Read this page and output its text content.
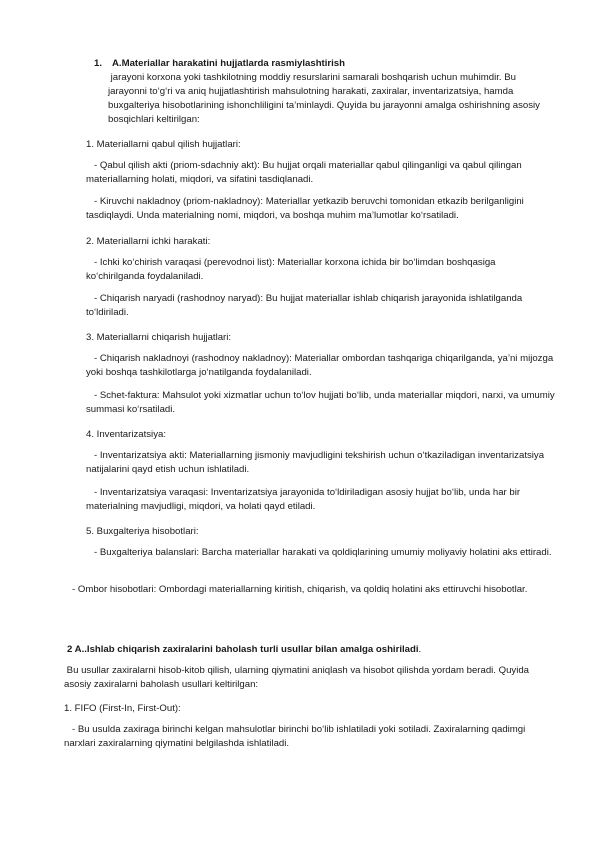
1. A.Materiallar harakatini hujjatlarda rasmiylashtirish

jarayoni korxona yoki tashkilotning moddiy resurslarini samarali boshqarish uchun muhimdir. Bu jarayonni to‘g‘ri va aniq hujjatlashtirish mahsulotning harakati, zaxiralar, inventarizatsiya, hamda buxgalteriya hisobotlarining ishonchliligini ta’minlaydi. Quyida bu jarayonni amalga oshirishning asosiy bosqichlari keltirilgan:

1. Materiallarni qabul qilish hujjatlari:

- Qabul qilish akti (priom-sdachniy akt): Bu hujjat orqali materiallar qabul qilinganligi va qabul qilingan materiallarning holati, miqdori, va sifatini tasdiqlanadi.

- Kiruvchi nakladnoy (priom-nakladnoy): Materiallar yetkazib beruvchi tomonidan etkazib berilganligini tasdiqlaydi. Unda materialning nomi, miqdori, va boshqa muhim ma’lumotlar ko‘rsatiladi.

2. Materiallarni ichki harakati:

- Ichki ko‘chirish varaqasi (perevodnoi list): Materiallar korxona ichida bir bo‘limdan boshqasiga ko‘chirilganda foydalaniladi.

- Chiqarish naryadi (rashodnoy naryad): Bu hujjat materiallar ishlab chiqarish jarayonida ishlatilganda to‘ldiriladi.

3. Materiallarni chiqarish hujjatlari:

- Chiqarish nakladnoyi (rashodnoy nakladnoy): Materiallar ombordan tashqariga chiqarilganda, ya’ni mijozga yoki boshqa tashkilotlarga jo‘natilganda foydalaniladi.

- Schet-faktura: Mahsulot yoki xizmatlar uchun to‘lov hujjati bo‘lib, unda materiallar miqdori, narxi, va umumiy summasi ko‘rsatiladi.

4. Inventarizatsiya:

- Inventarizatsiya akti: Materiallarning jismoniy mavjudligini tekshirish uchun o‘tkaziladigan inventarizatsiya natijalarini qayd etish uchun ishlatiladi.

- Inventarizatsiya varaqasi: Inventarizatsiya jarayonida to‘ldiriladigan asosiy hujjat bo‘lib, unda har bir materialning mavjudligi, miqdori, va holati qayd etiladi.

5. Buxgalteriya hisobotlari:

- Buxgalteriya balanslari: Barcha materiallar harakati va qoldiqlarining umumiy moliyaviy holatini aks ettiradi.

- Ombor hisobotlari: Ombordagi materiallarning kiritish, chiqarish, va qoldiq holatini aks ettiruvchi hisobotlar.

2 A..Ishlab chiqarish zaxiralarini baholash turli usullar bilan amalga oshiriladi.

Bu usullar zaxiralarni hisob-kitob qilish, ularning qiymatini aniqlash va hisobot qilishda yordam beradi. Quyida asosiy zaxiralarni baholash usullari keltirilgan:

1. FIFO (First-In, First-Out):

- Bu usulda zaxiraga birinchi kelgan mahsulotlar birinchi bo‘lib ishlatiladi yoki sotiladi. Zaxiralarning qadimgi narxlari zaxiralarning qiymatini belgilashda ishlatiladi.
